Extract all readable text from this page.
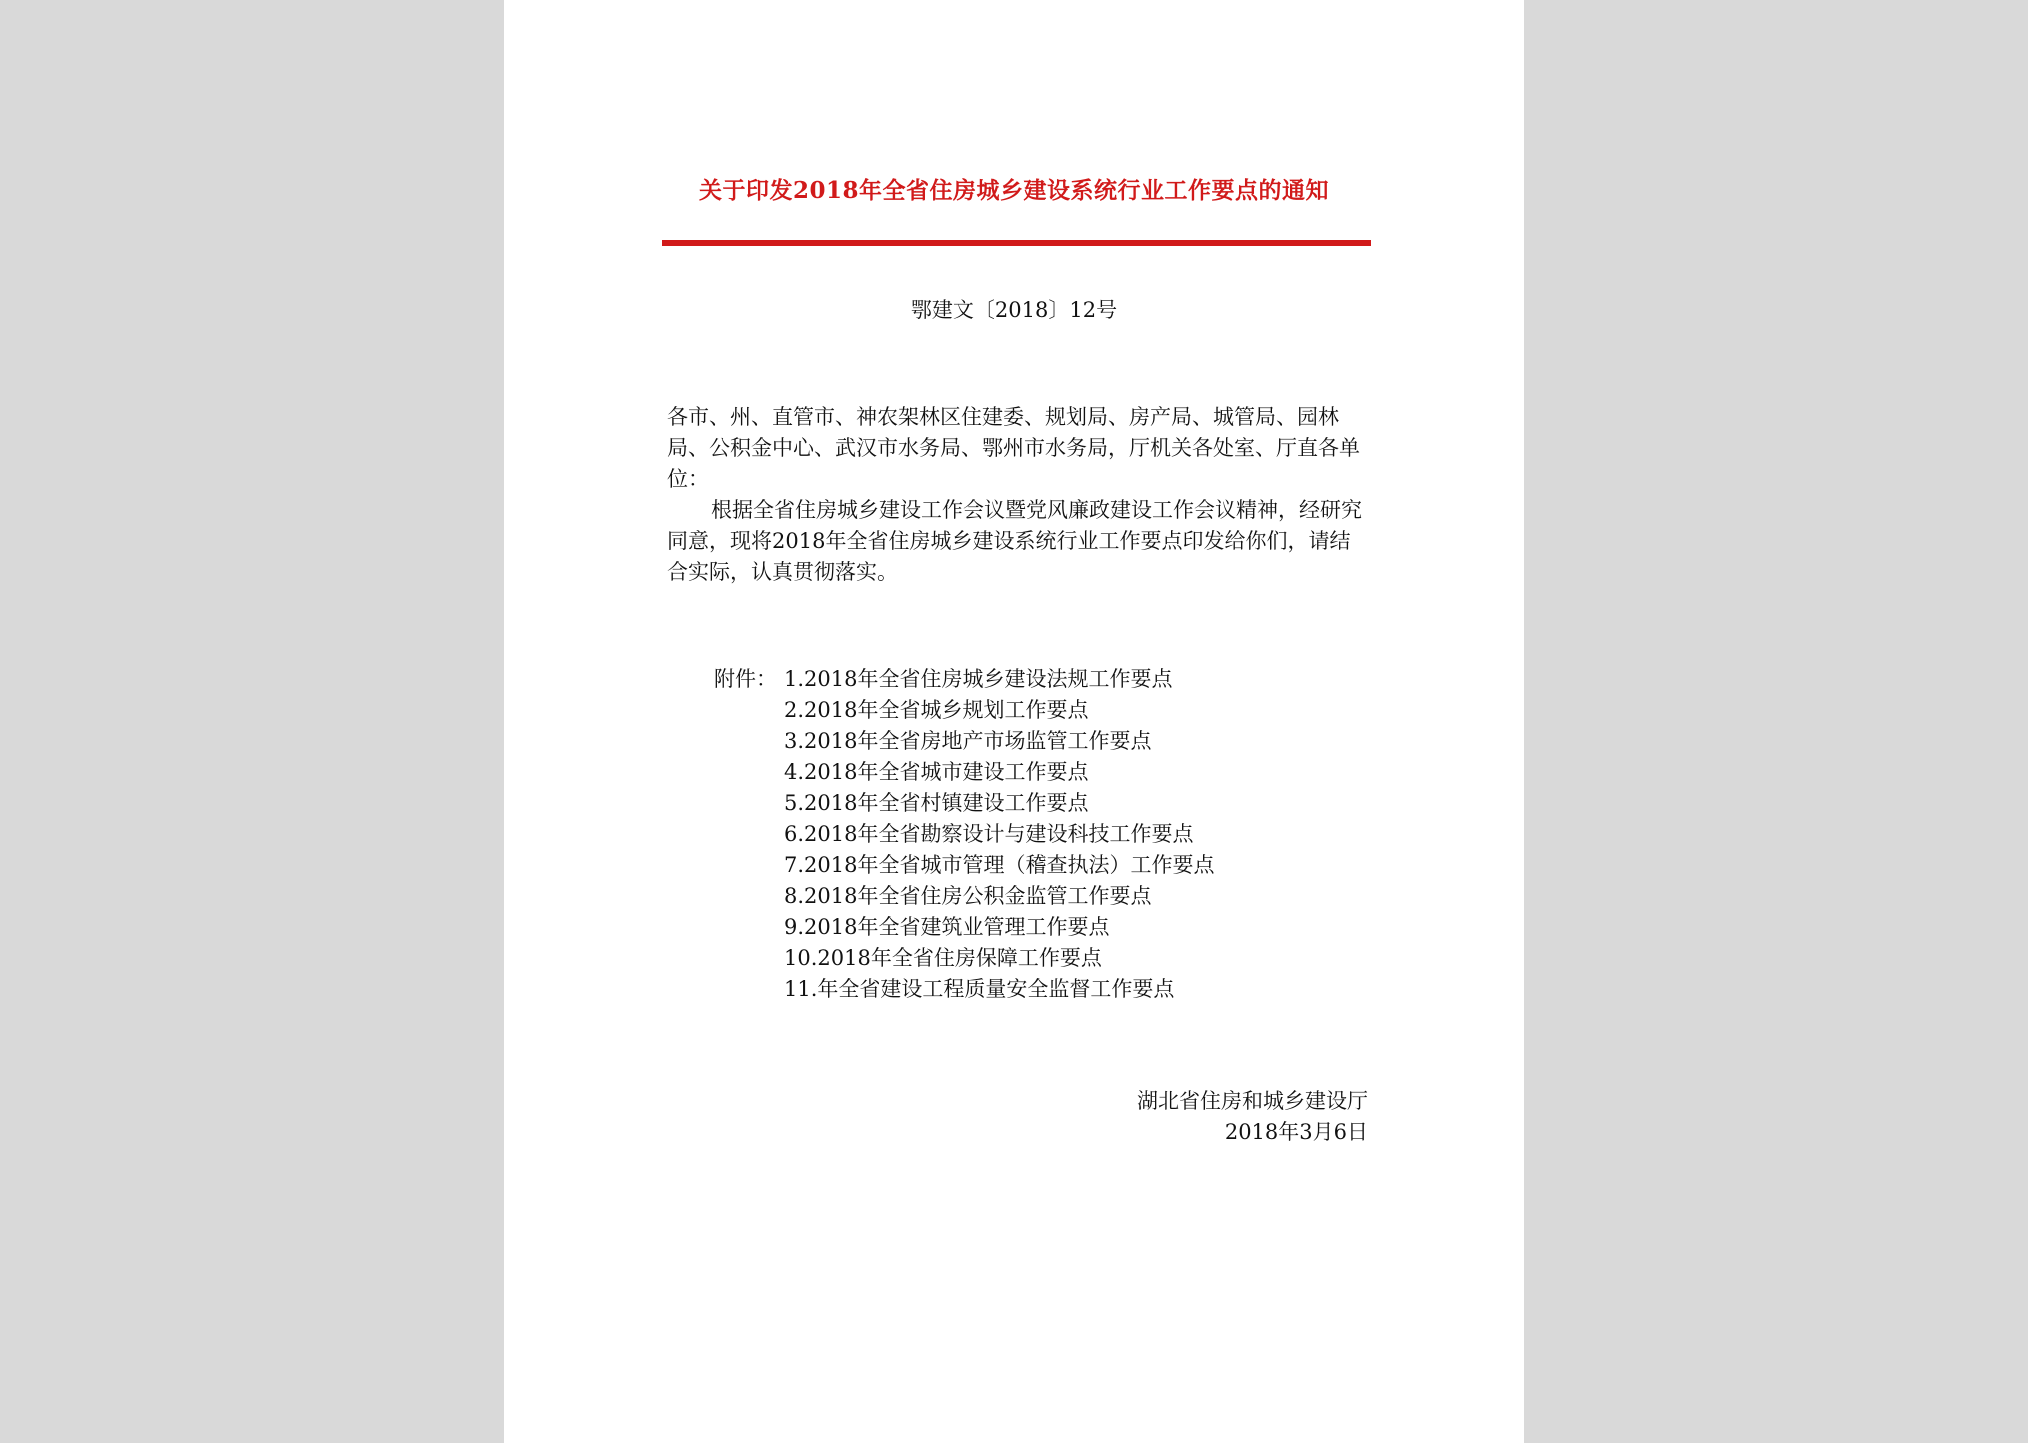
关于印发2018年全省住房城乡建设系统行业工作要点的通知
鄂建文〔2018〕12号

各市、州、直管市、神农架林区住建委、规划局、房产局、城管局、园林局、公积金中心、武汉市水务局、鄂州市水务局，厅机关各处室、厅直各单位：

根据全省住房城乡建设工作会议暨党风廉政建设工作会议精神，经研究同意，现将2018年全省住房城乡建设系统行业工作要点印发给你们，请结合实际，认真贯彻落实。

附件： 1.2018年全省住房城乡建设法规工作要点
2.2018年全省城乡规划工作要点
3.2018年全省房地产市场监管工作要点
4.2018年全省城市建设工作要点
5.2018年全省村镇建设工作要点
6.2018年全省勘察设计与建设科技工作要点
7.2018年全省城市管理（稽查执法）工作要点
8.2018年全省住房公积金监管工作要点
9.2018年全省建筑业管理工作要点
10.2018年全省住房保障工作要点
11.年全省建设工程质量安全监督工作要点
湖北省住房和城乡建设厅
2018年3月6日
